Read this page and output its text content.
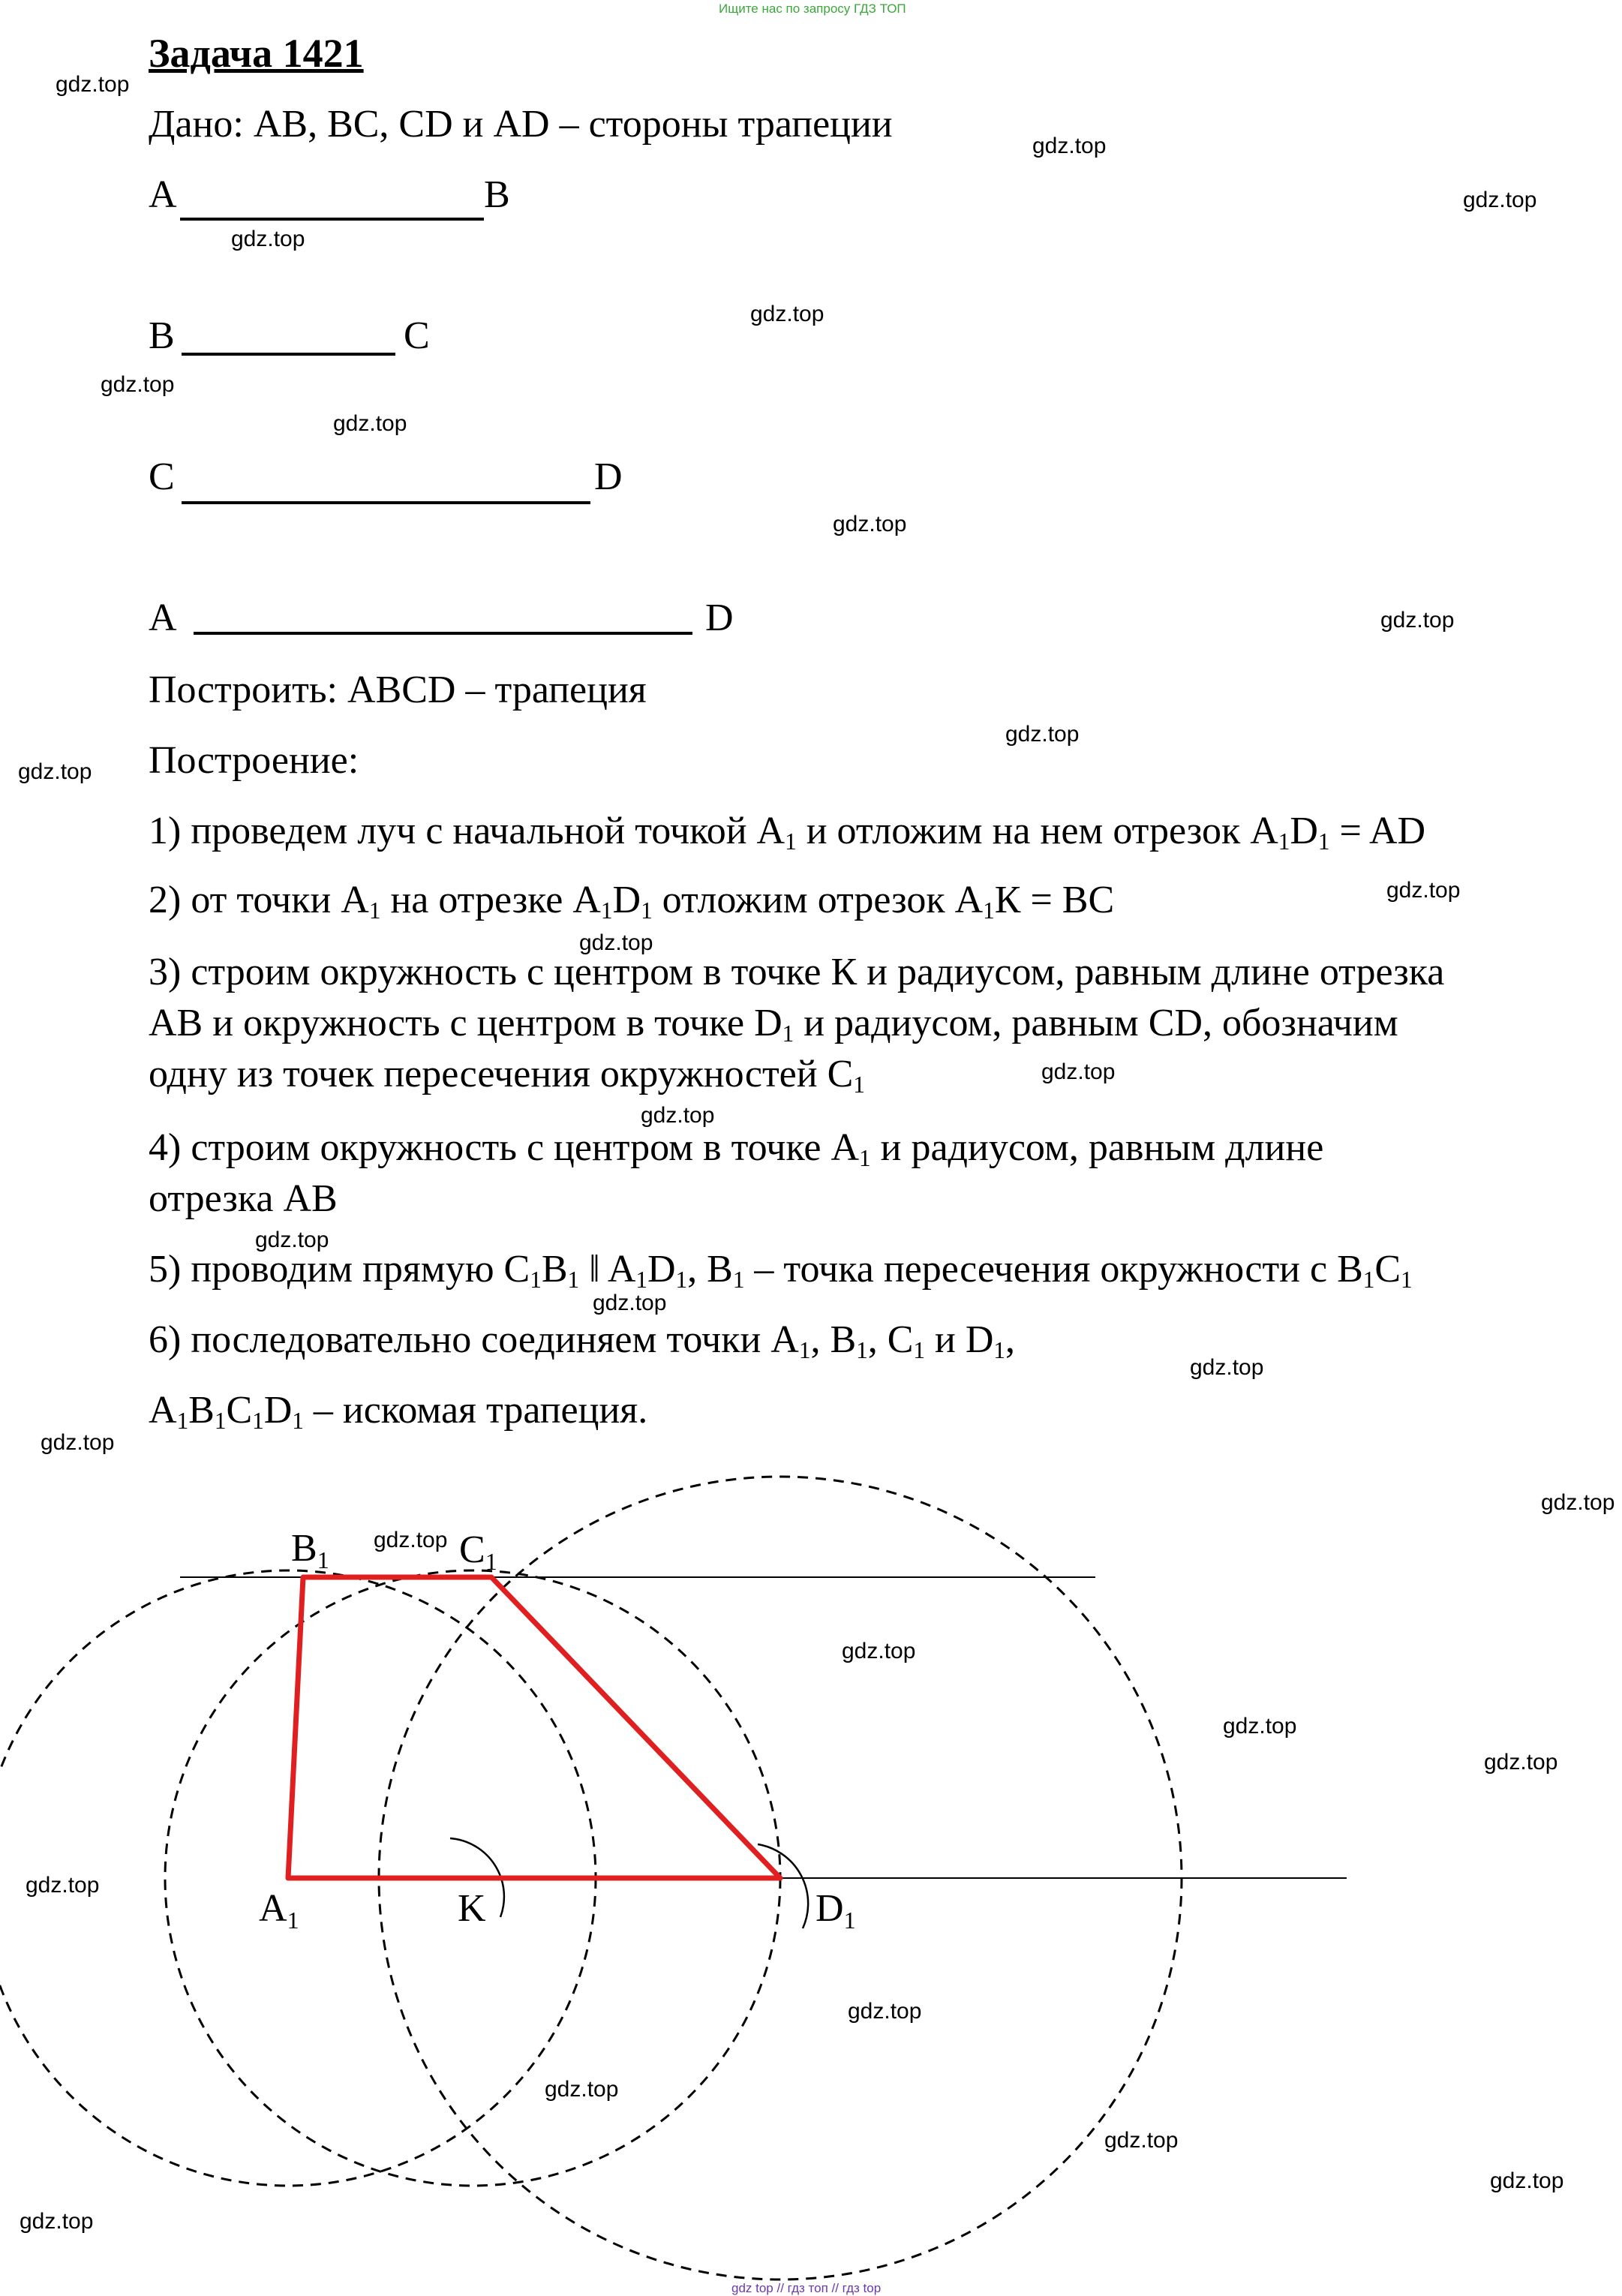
Ищите нас по запросу ГДЗ ТОП
gdz top // гдз топ // гдз top
Задача 1421
Дано: AB, BC, CD и AD – стороны трапеции
A	B
B	C
C	D
A	D
Построить: ABCD – трапеция
Построение:
1) проведем луч с начальной точкой $A_1$ и отложим на нем отрезок $A_1D_1$ = AD
2) от точки $A_1$ на отрезке $A_1D_1$ отложим отрезок $A_1К$ = BC
3) строим окружность с центром в точке К и радиусом, равным длине отрезка
AB и окружность с центром в точке $D_1$ и радиусом, равным CD, обозначим
одну из точек пересечения окружностей $C_1$
4) строим окружность с центром в точке $A_1$ и радиусом, равным длине
отрезка AB
5) проводим прямую $C_1B_1$ ‖ $A_1D_1$, $B_1$ – точка пересечения окружности с $B_1C_1$
6) последовательно соединяем точки $A_1$, $B_1$, $C_1$ и $D_1$,
$A_1B_1C_1D_1$ – искомая трапеция.
B1	C1
A1	K	D1
gdz.top
gdz.top
gdz.top
gdz.top
gdz.top
gdz.top
gdz.top
gdz.top
gdz.top
gdz.top
gdz.top
gdz.top
gdz.top
gdz.top
gdz.top
gdz.top
gdz.top
gdz.top
gdz.top
gdz.top
gdz.top
gdz.top
gdz.top
gdz.top
gdz.top
gdz.top
gdz.top
gdz.top
gdz.top
gdz.top
